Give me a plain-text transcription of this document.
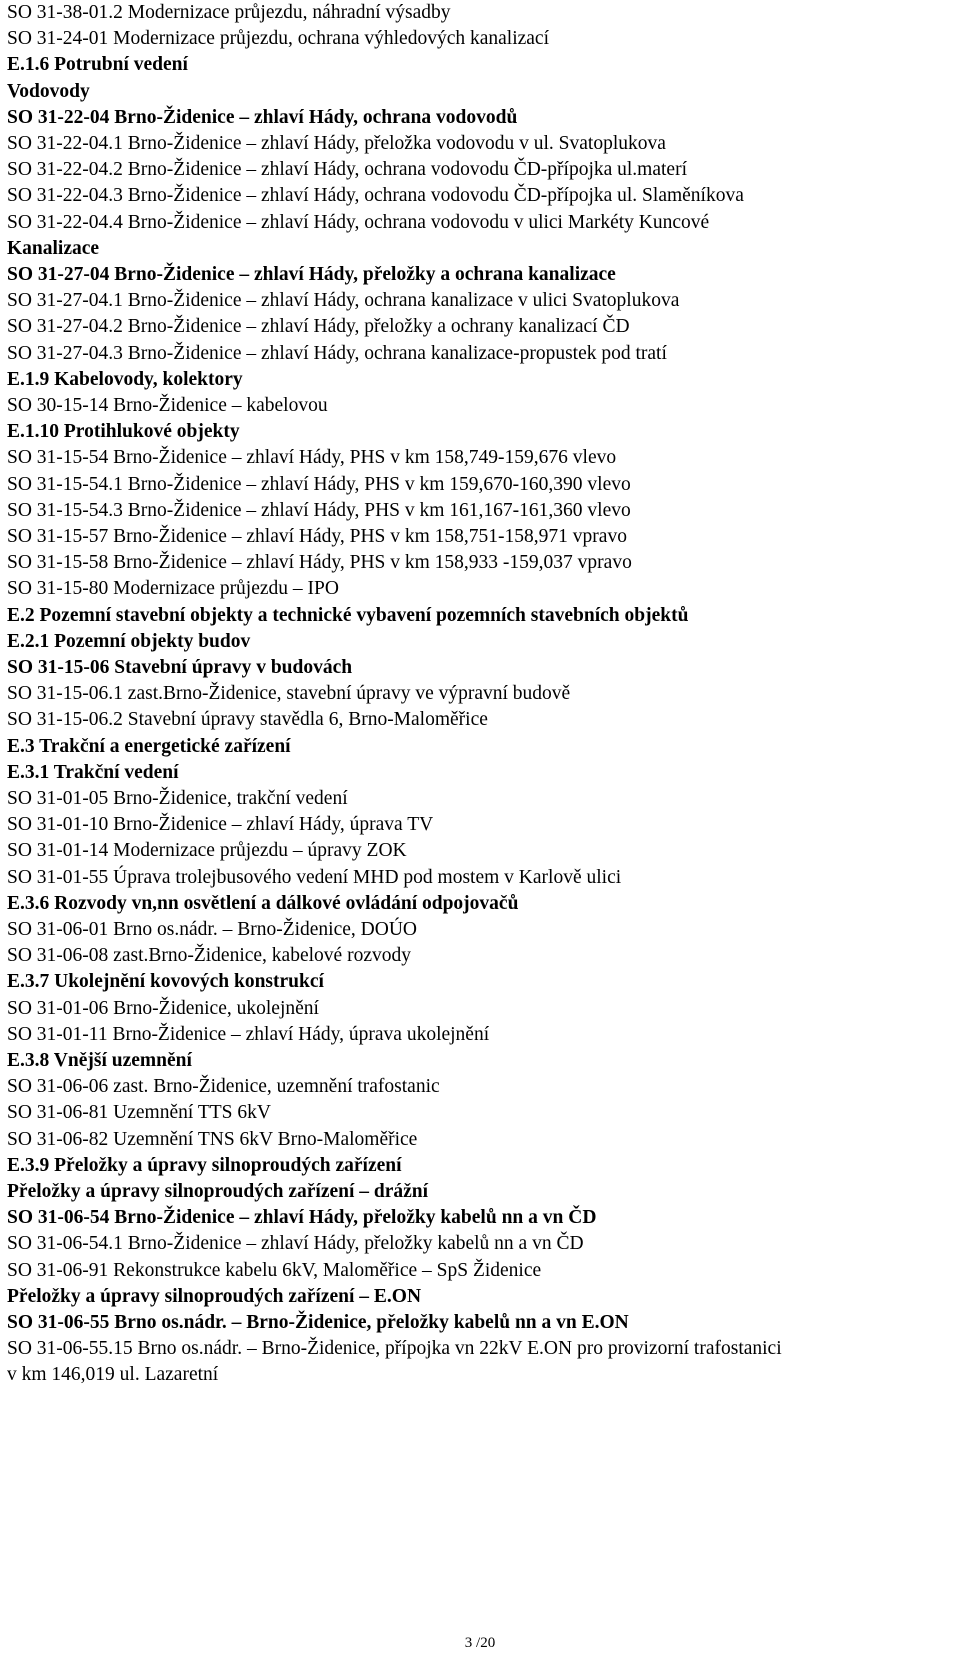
SO 31-38-01.2 Modernizace průjezdu, náhradní výsadby
SO 31-24-01 Modernizace průjezdu, ochrana výhledových kanalizací
E.1.6 Potrubní vedení
Vodovody
SO 31-22-04 Brno-Židenice – zhlaví Hády, ochrana vodovodů
SO 31-22-04.1 Brno-Židenice – zhlaví Hády, přeložka vodovodu v ul. Svatoplukova
SO 31-22-04.2 Brno-Židenice – zhlaví Hády, ochrana vodovodu ČD-přípojka ul.materí
SO 31-22-04.3 Brno-Židenice – zhlaví Hády, ochrana vodovodu ČD-přípojka ul. Slaměníkova
SO 31-22-04.4 Brno-Židenice – zhlaví Hády, ochrana vodovodu v ulici Markéty Kuncové
Kanalizace
SO 31-27-04 Brno-Židenice – zhlaví Hády, přeložky a ochrana kanalizace
SO 31-27-04.1 Brno-Židenice – zhlaví Hády, ochrana kanalizace v ulici Svatoplukova
SO 31-27-04.2 Brno-Židenice – zhlaví Hády, přeložky a ochrany kanalizací ČD
SO 31-27-04.3 Brno-Židenice – zhlaví Hády, ochrana kanalizace-propustek pod tratí
E.1.9 Kabelovody, kolektory
SO 30-15-14 Brno-Židenice – kabelovou
E.1.10 Protihlukové objekty
SO 31-15-54 Brno-Židenice – zhlaví Hády, PHS v km 158,749-159,676 vlevo
SO 31-15-54.1 Brno-Židenice – zhlaví Hády, PHS v km 159,670-160,390 vlevo
SO 31-15-54.3 Brno-Židenice – zhlaví Hády, PHS v km 161,167-161,360 vlevo
SO 31-15-57 Brno-Židenice – zhlaví Hády, PHS v km 158,751-158,971 vpravo
SO 31-15-58 Brno-Židenice – zhlaví Hády, PHS v km 158,933 -159,037 vpravo
SO 31-15-80 Modernizace průjezdu – IPO
E.2 Pozemní stavební objekty a technické vybavení pozemních stavebních objektů
E.2.1 Pozemní objekty budov
SO 31-15-06 Stavební úpravy v budovách
SO 31-15-06.1 zast.Brno-Židenice, stavební úpravy ve výpravní budově
SO 31-15-06.2 Stavební úpravy stavědla 6, Brno-Maloměřice
E.3 Trakční a energetické zařízení
E.3.1 Trakční vedení
SO 31-01-05 Brno-Židenice, trakční vedení
SO 31-01-10 Brno-Židenice – zhlaví Hády, úprava TV
SO 31-01-14 Modernizace průjezdu – úpravy ZOK
SO 31-01-55 Úprava trolejbusového vedení MHD pod mostem v Karlově ulici
E.3.6 Rozvody vn,nn osvětlení a dálkové ovládání odpojovačů
SO 31-06-01 Brno os.nádr. – Brno-Židenice, DOÚO
SO 31-06-08 zast.Brno-Židenice, kabelové rozvody
E.3.7 Ukolejnění kovových konstrukcí
SO 31-01-06 Brno-Židenice, ukolejnění
SO 31-01-11 Brno-Židenice – zhlaví Hády, úprava ukolejnění
E.3.8 Vnější uzemnění
SO 31-06-06 zast. Brno-Židenice, uzemnění trafostanic
SO 31-06-81 Uzemnění TTS 6kV
SO 31-06-82 Uzemnění TNS 6kV Brno-Maloměřice
E.3.9 Přeložky a úpravy silnoproudých zařízení
Přeložky a úpravy silnoproudých zařízení – drážní
SO 31-06-54 Brno-Židenice – zhlaví Hády, přeložky kabelů nn a vn ČD
SO 31-06-54.1 Brno-Židenice – zhlaví Hády, přeložky kabelů nn a vn ČD
SO 31-06-91 Rekonstrukce kabelu 6kV, Maloměřice – SpS Židenice
Přeložky a úpravy silnoproudých zařízení – E.ON
SO 31-06-55 Brno os.nádr. – Brno-Židenice, přeložky kabelů nn a vn E.ON
SO 31-06-55.15 Brno os.nádr. – Brno-Židenice, přípojka vn 22kV E.ON pro provizorní trafostanici
v km 146,019 ul. Lazaretní
3 /20
